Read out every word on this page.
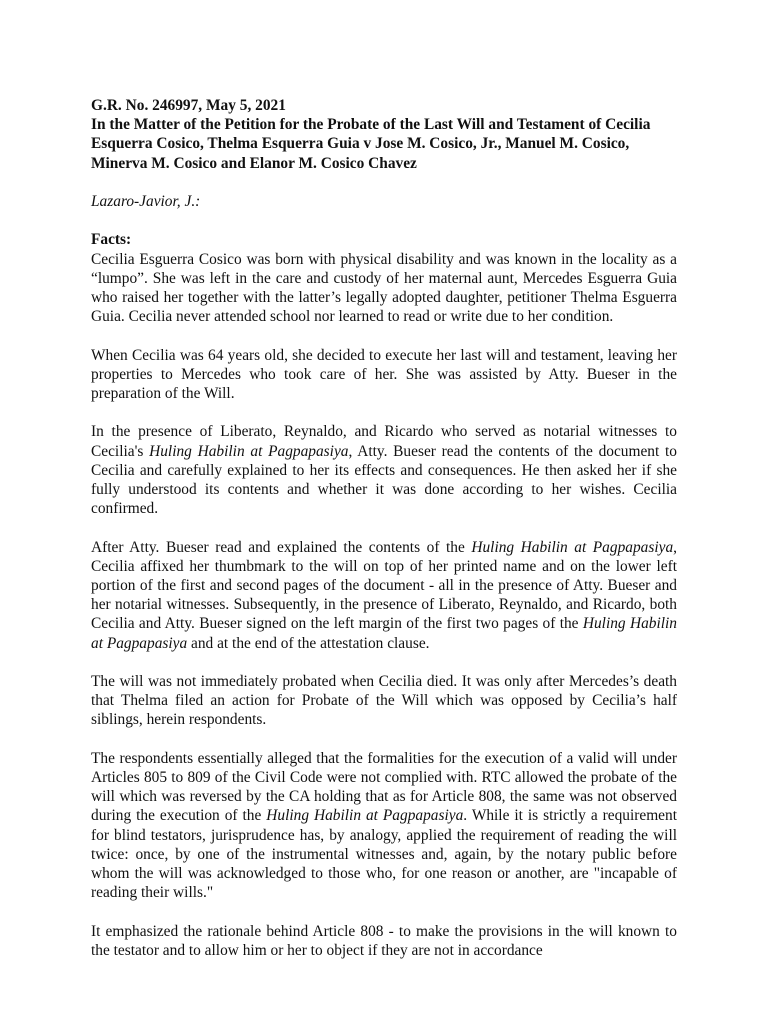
G.R. No. 246997, May 5, 2021

In the Matter of the Petition for the Probate of the Last Will and Testament of Cecilia Esquerra Cosico, Thelma Esquerra Guia v Jose M. Cosico, Jr., Manuel M. Cosico, Minerva M. Cosico and Elanor M. Cosico Chavez

Lazaro-Javior, J.:

Facts:

Cecilia Esguerra Cosico was born with physical disability and was known in the locality as a “lumpo”. She was left in the care and custody of her maternal aunt, Mercedes Esguerra Guia who raised her together with the latter’s legally adopted daughter, petitioner Thelma Esguerra Guia. Cecilia never attended school nor learned to read or write due to her condition.

When Cecilia was 64 years old, she decided to execute her last will and testament, leaving her properties to Mercedes who took care of her. She was assisted by Atty. Bueser in the preparation of the Will.

In the presence of Liberato, Reynaldo, and Ricardo who served as notarial witnesses to Cecilia's Huling Habilin at Pagpapasiya, Atty. Bueser read the contents of the document to Cecilia and carefully explained to her its effects and consequences. He then asked her if she fully understood its contents and whether it was done according to her wishes. Cecilia confirmed.

After Atty. Bueser read and explained the contents of the Huling Habilin at Pagpapasiya, Cecilia affixed her thumbmark to the will on top of her printed name and on the lower left portion of the first and second pages of the document - all in the presence of Atty. Bueser and her notarial witnesses. Subsequently, in the presence of Liberato, Reynaldo, and Ricardo, both Cecilia and Atty. Bueser signed on the left margin of the first two pages of the Huling Habilin at Pagpapasiya and at the end of the attestation clause.

The will was not immediately probated when Cecilia died. It was only after Mercedes’s death that Thelma filed an action for Probate of the Will which was opposed by Cecilia’s half siblings, herein respondents.

The respondents essentially alleged that the formalities for the execution of a valid will under Articles 805 to 809 of the Civil Code were not complied with. RTC allowed the probate of the will which was reversed by the CA holding that as for Article 808, the same was not observed during the execution of the Huling Habilin at Pagpapasiya. While it is strictly a requirement for blind testators, jurisprudence has, by analogy, applied the requirement of reading the will twice: once, by one of the instrumental witnesses and, again, by the notary public before whom the will was acknowledged to those who, for one reason or another, are "incapable of reading their wills."

It emphasized the rationale behind Article 808 - to make the provisions in the will known to the testator and to allow him or her to object if they are not in accordance
